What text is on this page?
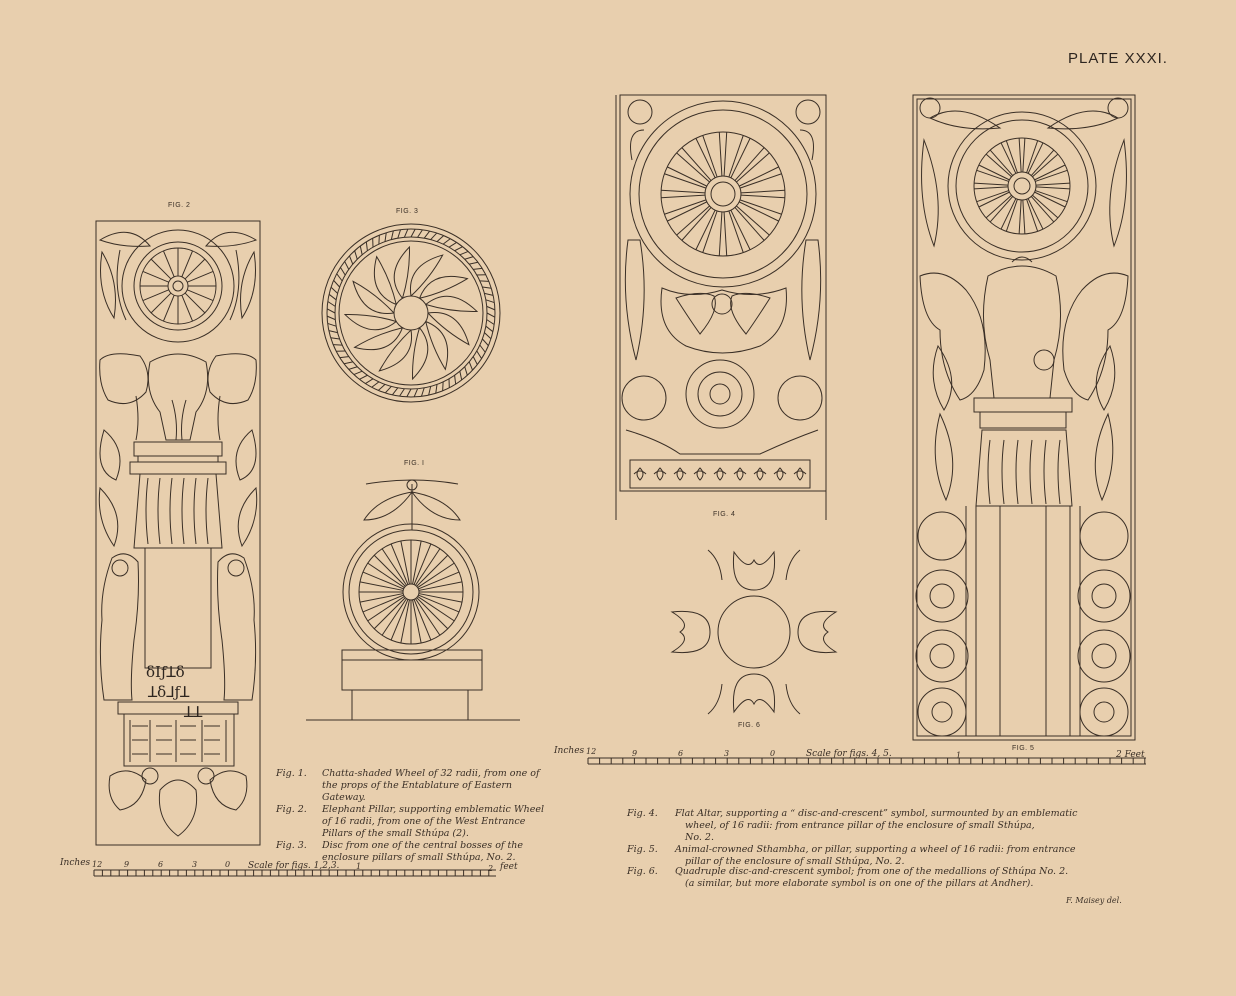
PLATE XXXI.
FIG. 2
FIG. 3
FIG. I
FIG. 4
FIG. 5
FIG. 6
δIƒꓕδ
ꓕδ⅃ƒꓕ
ꓕꓕ
Inches 12	9	6	3	0 Scale for figs. 1,2,3. 1	2 feet
Inches 12	9	6	3	0	Scale for figs. 4, 5.	1	2 Feet
Fig. 1. Chatta-shaded Wheel of 32 radii, from one of
the props of the Entablature of Eastern
Gateway.
Fig. 2. Elephant Pillar, supporting emblematic Wheel
of 16 radii, from one of the West Entrance
Pillars of the small Sthúpa (2).
Fig. 3. Disc from one of the central bosses of the
enclosure pillars of small Sthúpa, No. 2.
Fig. 4. Flat Altar, supporting a “ disc-and-crescent” symbol, surmounted by an emblematic
wheel, of 16 radii: from entrance pillar of the enclosure of small Sthúpa,
No. 2.
Fig. 5. Animal-crowned Sthambha, or pillar, supporting a wheel of 16 radii: from entrance
pillar of the enclosure of small Sthúpa, No. 2.
Fig. 6. Quadruple disc-and-crescent symbol; from one of the medallions of Sthúpa No. 2.
(a similar, but more elaborate symbol is on one of the pillars at Andher).
F. Maisey del.
